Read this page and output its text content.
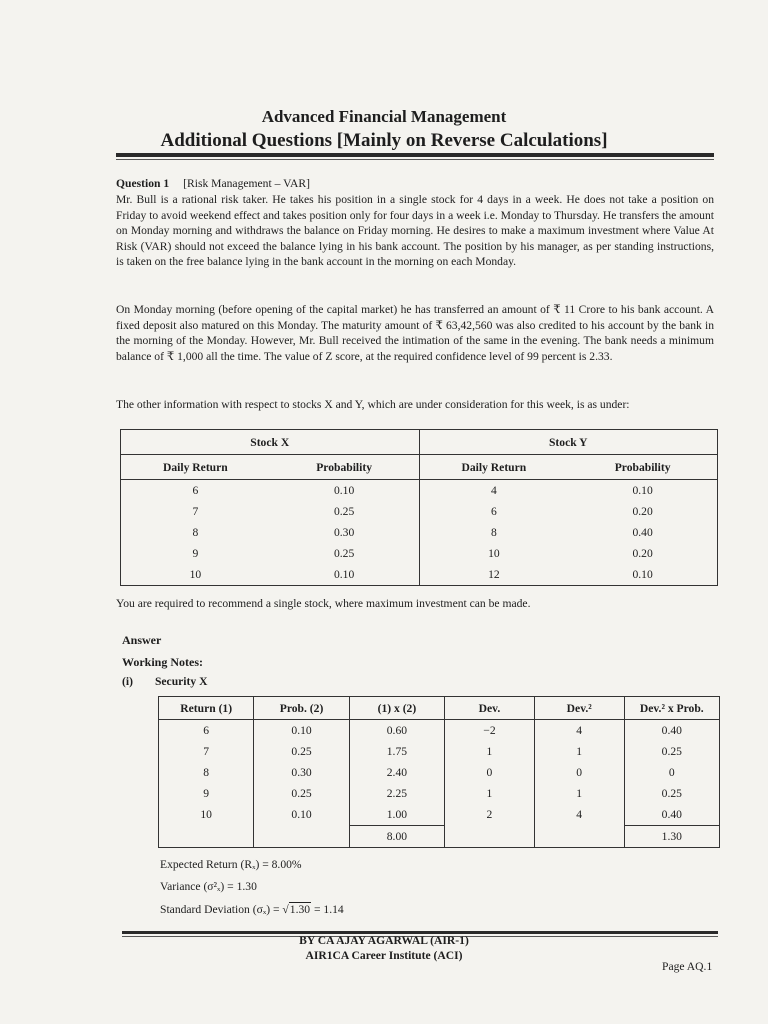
Advanced Financial Management
Additional Questions [Mainly on Reverse Calculations]
Question 1 [Risk Management – VAR]
Mr. Bull is a rational risk taker. He takes his position in a single stock for 4 days in a week. He does not take a position on Friday to avoid weekend effect and takes position only for four days in a week i.e. Monday to Thursday. He transfers the amount on Monday morning and withdraws the balance on Friday morning. He desires to make a maximum investment where Value At Risk (VAR) should not exceed the balance lying in his bank account. The position by his manager, as per standing instructions, is taken on the free balance lying in the bank account in the morning on each Monday.
On Monday morning (before opening of the capital market) he has transferred an amount of ₹ 11 Crore to his bank account. A fixed deposit also matured on this Monday. The maturity amount of ₹ 63,42,560 was also credited to his account by the bank in the morning of the Monday. However, Mr. Bull received the intimation of the same in the evening. The bank needs a minimum balance of ₹ 1,000 all the time. The value of Z score, at the required confidence level of 99 percent is 2.33.
The other information with respect to stocks X and Y, which are under consideration for this week, is as under:
Stock X		Stock Y	
Daily Return	Probability	Daily Return	Probability
6	0.10	4	0.10
7	0.25	6	0.20
8	0.30	8	0.40
9	0.25	10	0.20
10	0.10	12	0.10
You are required to recommend a single stock, where maximum investment can be made.
Answer
Working Notes:
(i) Security X
Return (1)	Prob. (2)	(1) x (2)	Dev.	Dev.²	Dev.² x Prob.
6	0.10	0.60	−2	4	0.40
7	0.25	1.75	1	1	0.25
8	0.30	2.40	0	0	0
9	0.25	2.25	1	1	0.25
10	0.10	1.00	2	4	0.40
		8.00			1.30
Expected Return (Rₓ) = 8.00%
Variance (σ²ₓ) = 1.30
Standard Deviation (σₓ) = √1.30 = 1.14
BY CA AJAY AGARWAL (AIR-1)
AIR1CA Career Institute (ACI)
Page AQ.1
